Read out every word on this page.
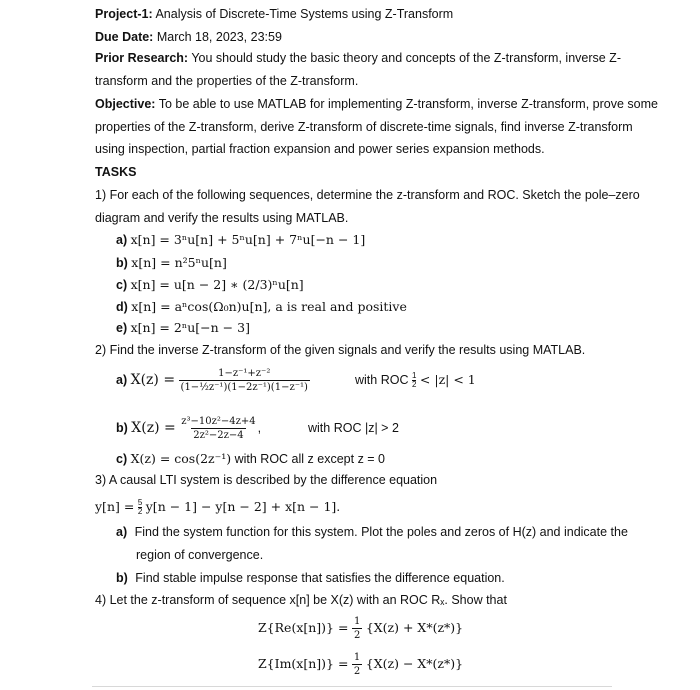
Project-1: Analysis of Discrete-Time Systems using Z-Transform
Due Date: March 18, 2023, 23:59
Prior Research: You should study the basic theory and concepts of the Z-transform, inverse Z-
transform and the properties of the Z-transform.
Objective: To be able to use MATLAB for implementing Z-transform, inverse Z-transform, prove some
properties of the Z-transform, derive Z-transform of discrete-time signals, find inverse Z-transform
using inspection, partial fraction expansion and power series expansion methods.
TASKS
1) For each of the following sequences, determine the z-transform and ROC. Sketch the pole–zero
diagram and verify the results using MATLAB.
a) x[n] = 3ⁿu[n] + 5ⁿu[n] + 7ⁿu[−n − 1]
b) x[n] = n²5ⁿu[n]
c) x[n] = u[n − 2] ∗ (2/3)ⁿu[n]
d) x[n] = aⁿcos(Ω₀n)u[n], a is real and positive
e) x[n] = 2ⁿu[−n − 3]
2) Find the inverse Z-transform of the given signals and verify the results using MATLAB.
a) $X(z) = \frac{\text{1−z⁻¹+z⁻²}}{\text{(1−½z⁻¹)(1−2z⁻¹)(1−z⁻¹)}}$	with ROC $\frac{1}{2} < |z| < 1$
b) $X(z) = \frac{\text{z³−10z²−4z+4}}{\text{2z²−2z−4}}$ ,	with ROC |z| > 2
c) X(z) = cos(2z⁻¹) with ROC all z except z = 0
3) A causal LTI system is described by the difference equation
$y[n] = \frac{5}{2} y[n - 1] - y[n - 2] + x[n - 1]$.
a) Find the system function for this system. Plot the poles and zeros of H(z) and indicate the
region of convergence.
b) Find stable impulse response that satisfies the difference equation.
4) Let the z-transform of sequence x[n] be X(z) with an ROC Rₓ. Show that
$Z\{Re(x[n])\} = \frac{1}{2} \{X(z) + X*(z*)\}$
$Z\{Im(x[n])\} = \frac{1}{2} \{X(z) - X*(z*)\}$
